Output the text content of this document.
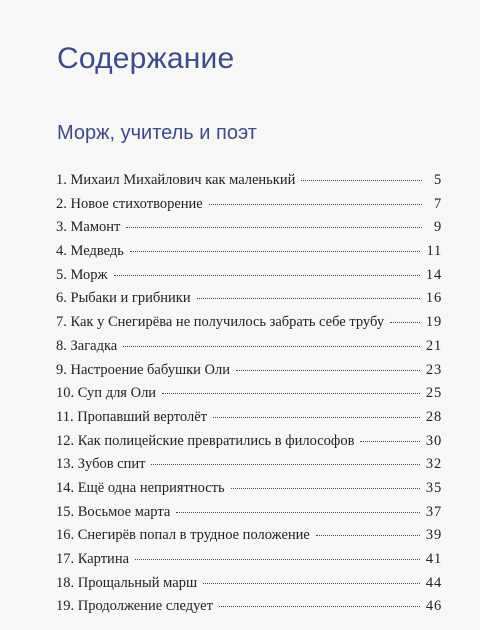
Содержание
Морж, учитель и поэт
1. Михаил Михайлович как маленький	5
2. Новое стихотворение	7
3. Мамонт	9
4. Медведь	11
5. Морж	14
6. Рыбаки и грибники	16
7. Как у Снегирёва не получилось забрать себе трубу	19
8. Загадка	21
9. Настроение бабушки Оли	23
10. Суп для Оли	25
11. Пропавший вертолёт	28
12. Как полицейские превратились в философов	30
13. Зубов спит	32
14. Ещё одна неприятность	35
15. Восьмое марта	37
16. Снегирёв попал в трудное положение	39
17. Картина	41
18. Прощальный марш	44
19. Продолжение следует	46
